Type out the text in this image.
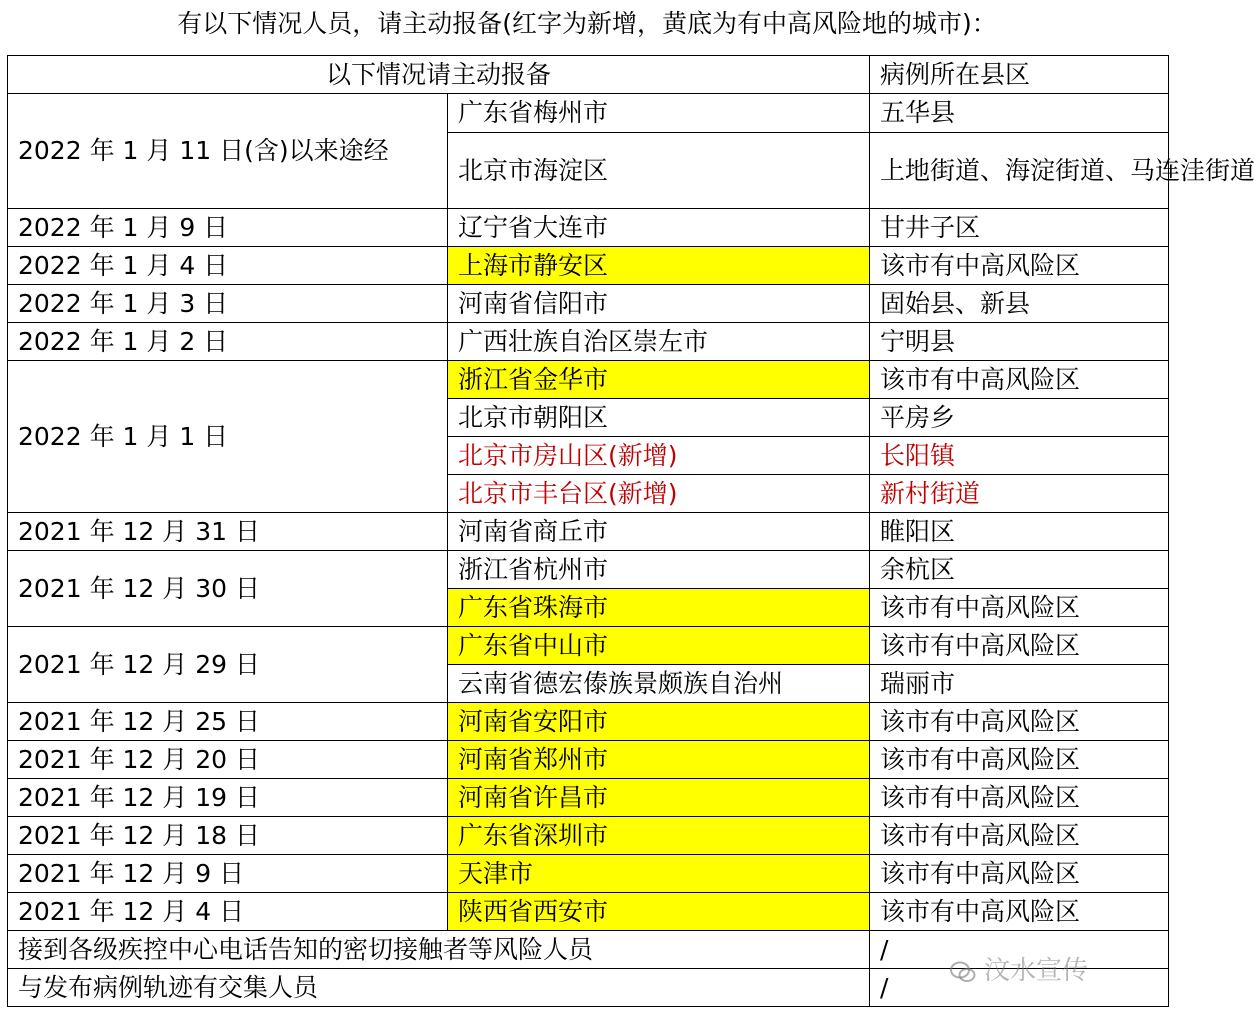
有以下情况人员，请主动报备(红字为新增，黄底为有中高风险地的城市)：
以下情况请主动报备		病例所在县区
2022 年 1 月 11 日(含)以来途经	广东省梅州市	五华县
	北京市海淀区	上地街道、海淀街道、马连洼街道
2022 年 1 月 9 日	辽宁省大连市	甘井子区
2022 年 1 月 4 日	上海市静安区	该市有中高风险区
2022 年 1 月 3 日	河南省信阳市	固始县、新县
2022 年 1 月 2 日	广西壮族自治区崇左市	宁明县
2022 年 1 月 1 日	浙江省金华市	该市有中高风险区
	北京市朝阳区	平房乡
	北京市房山区(新增)	长阳镇
	北京市丰台区(新增)	新村街道
2021 年 12 月 31 日	河南省商丘市	睢阳区
2021 年 12 月 30 日	浙江省杭州市	余杭区
	广东省珠海市	该市有中高风险区
2021 年 12 月 29 日	广东省中山市	该市有中高风险区
	云南省德宏傣族景颇族自治州	瑞丽市
2021 年 12 月 25 日	河南省安阳市	该市有中高风险区
2021 年 12 月 20 日	河南省郑州市	该市有中高风险区
2021 年 12 月 19 日	河南省许昌市	该市有中高风险区
2021 年 12 月 18 日	广东省深圳市	该市有中高风险区
2021 年 12 月 9 日	天津市	该市有中高风险区
2021 年 12 月 4 日	陕西省西安市	该市有中高风险区
接到各级疾控中心电话告知的密切接触者等风险人员		/
与发布病例轨迹有交集人员		/
汶水宣传
